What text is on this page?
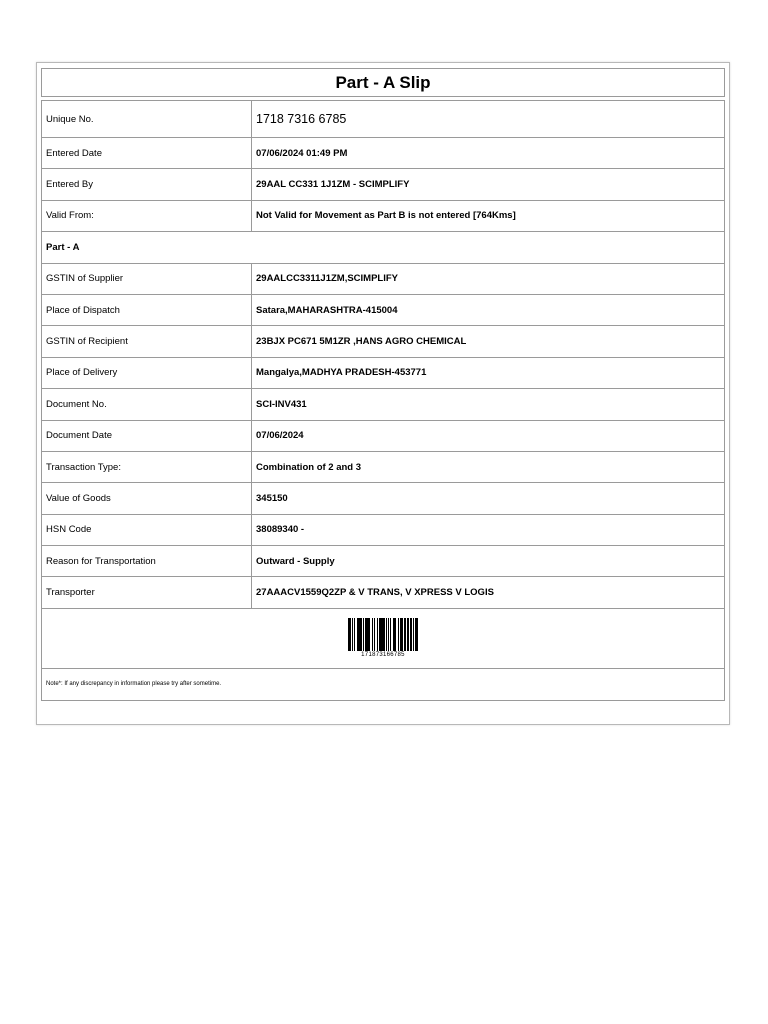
Part - A Slip
Unique No.	1718 7316 6785
Entered Date	07/06/2024 01:49 PM
Entered By	29AAL CC331 1J1ZM - SCIMPLIFY
Valid From:	Not Valid for Movement as Part B is not entered [764Kms]
Part - A	
GSTIN of Supplier	29AALCC3311J1ZM,SCIMPLIFY
Place of Dispatch	Satara,MAHARASHTRA-415004
GSTIN of Recipient	23BJX PC671 5M1ZR ,HANS AGRO CHEMICAL
Place of Delivery	Mangalya,MADHYA PRADESH-453771
Document No.	SCI-INV431
Document Date	07/06/2024
Transaction Type:	Combination of 2 and 3
Value of Goods	345150
HSN Code	38089340 -
Reason for Transportation	Outward - Supply
Transporter	27AAACV1559Q2ZP & V TRANS, V XPRESS V LOGIS

171873166785	

Note*: If any discrepancy in information please try after sometime.	
